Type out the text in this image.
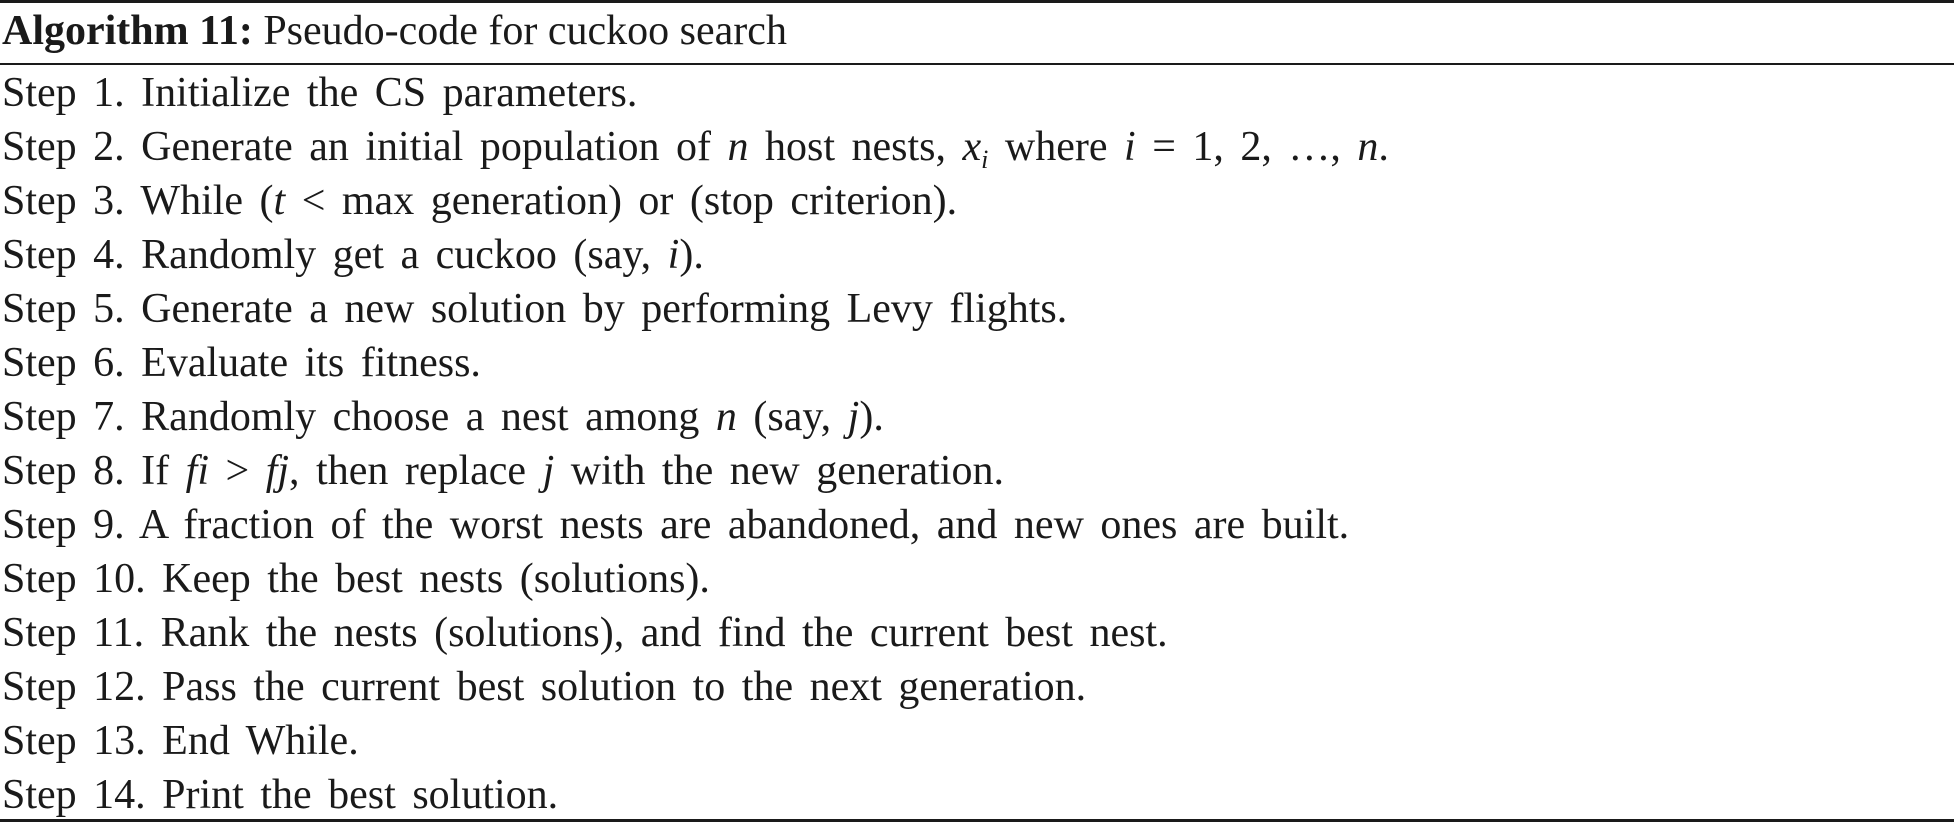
Algorithm 11: Pseudo-code for cuckoo search
Step 1. Initialize the CS parameters.
Step 2. Generate an initial population of n host nests, $x_i$ where i = 1, 2, …, n.
Step 3. While (t < max generation) or (stop criterion).
Step 4. Randomly get a cuckoo (say, i).
Step 5. Generate a new solution by performing Levy flights.
Step 6. Evaluate its fitness.
Step 7. Randomly choose a nest among n (say, j).
Step 8. If fi > fj, then replace j with the new generation.
Step 9. A fraction of the worst nests are abandoned, and new ones are built.
Step 10. Keep the best nests (solutions).
Step 11. Rank the nests (solutions), and find the current best nest.
Step 12. Pass the current best solution to the next generation.
Step 13. End While.
Step 14. Print the best solution.
